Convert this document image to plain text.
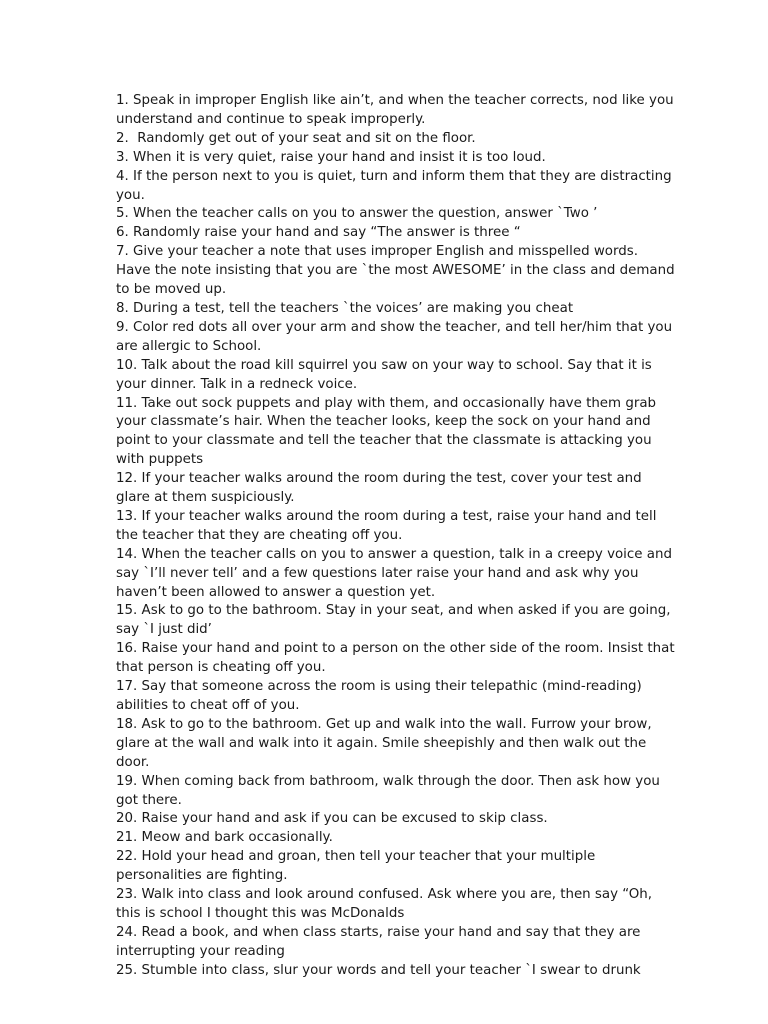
1. Speak in improper English like ain’t, and when the teacher corrects, nod like you understand and continue to speak improperly.
2.  Randomly get out of your seat and sit on the floor.
3. When it is very quiet, raise your hand and insist it is too loud.
4. If the person next to you is quiet, turn and inform them that they are distracting you.
5. When the teacher calls on you to answer the question, answer `Two ’
6. Randomly raise your hand and say “The answer is three “
7. Give your teacher a note that uses improper English and misspelled words. Have the note insisting that you are `the most AWESOME’ in the class and demand to be moved up.
8. During a test, tell the teachers `the voices’ are making you cheat
9. Color red dots all over your arm and show the teacher, and tell her/him that you are allergic to School.
10. Talk about the road kill squirrel you saw on your way to school. Say that it is your dinner. Talk in a redneck voice.
11. Take out sock puppets and play with them, and occasionally have them grab your classmate’s hair. When the teacher looks, keep the sock on your hand and point to your classmate and tell the teacher that the classmate is attacking you with puppets
12. If your teacher walks around the room during the test, cover your test and glare at them suspiciously.
13. If your teacher walks around the room during a test, raise your hand and tell the teacher that they are cheating off you.
14. When the teacher calls on you to answer a question, talk in a creepy voice and say `I’ll never tell’ and a few questions later raise your hand and ask why you haven’t been allowed to answer a question yet.
15. Ask to go to the bathroom. Stay in your seat, and when asked if you are going, say `I just did’
16. Raise your hand and point to a person on the other side of the room. Insist that that person is cheating off you.
17. Say that someone across the room is using their telepathic (mind-reading) abilities to cheat off of you.
18. Ask to go to the bathroom. Get up and walk into the wall. Furrow your brow, glare at the wall and walk into it again. Smile sheepishly and then walk out the door.
19. When coming back from bathroom, walk through the door. Then ask how you got there.
20. Raise your hand and ask if you can be excused to skip class.
21. Meow and bark occasionally.
22. Hold your head and groan, then tell your teacher that your multiple personalities are fighting.
23. Walk into class and look around confused. Ask where you are, then say “Oh, this is school I thought this was McDonalds
24. Read a book, and when class starts, raise your hand and say that they are interrupting your reading
25. Stumble into class, slur your words and tell your teacher `I swear to drunk
